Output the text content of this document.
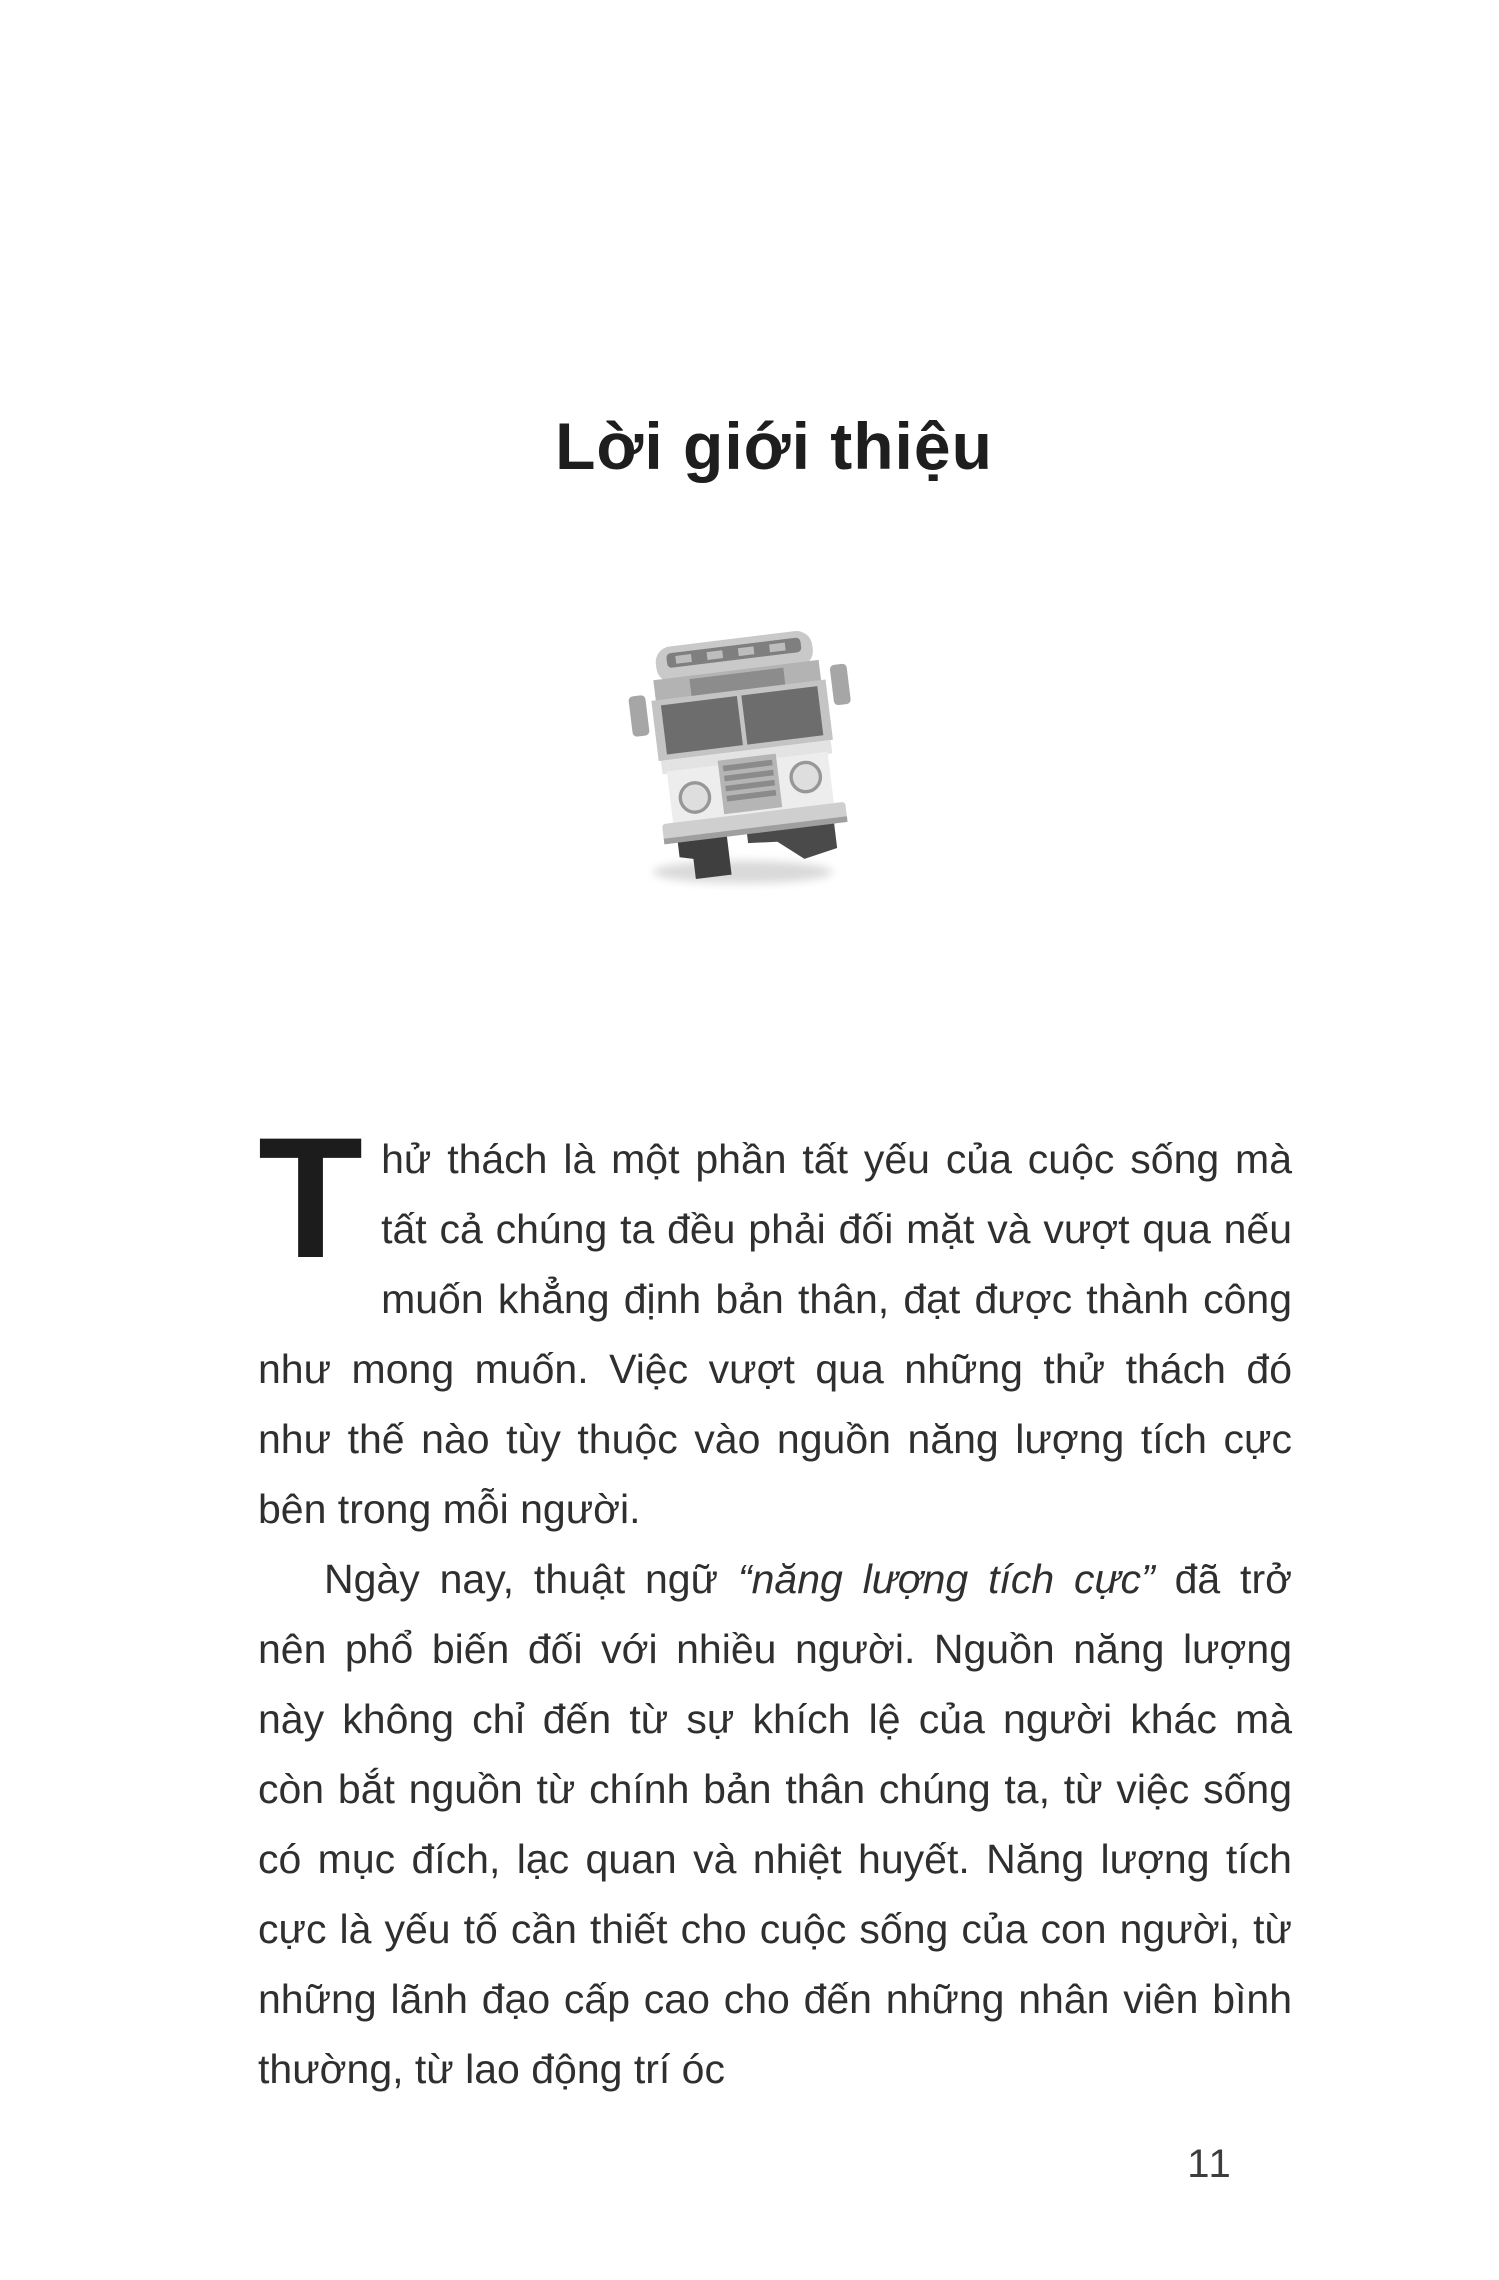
Lời giới thiệu

Thử thách là một phần tất yếu của cuộc sống mà tất cả chúng ta đều phải đối mặt và vượt qua nếu muốn khẳng định bản thân, đạt được thành công như mong muốn. Việc vượt qua những thử thách đó như thế nào tùy thuộc vào nguồn năng lượng tích cực bên trong mỗi người.

Ngày nay, thuật ngữ “năng lượng tích cực” đã trở nên phổ biến đối với nhiều người. Nguồn năng lượng này không chỉ đến từ sự khích lệ của người khác mà còn bắt nguồn từ chính bản thân chúng ta, từ việc sống có mục đích, lạc quan và nhiệt huyết. Năng lượng tích cực là yếu tố cần thiết cho cuộc sống của con người, từ những lãnh đạo cấp cao cho đến những nhân viên bình thường, từ lao động trí óc

11
